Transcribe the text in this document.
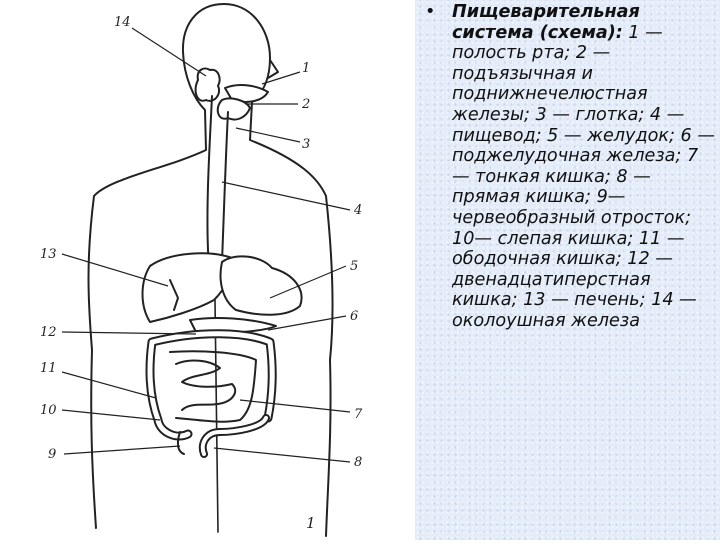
14
1
2
3
4
13
5
12
6
11
10	7
9
8
1

• Пищеварительная система (схема): 1 — полость рта; 2 — подъязычная и поднижнечелюстная железы; 3 — глотка; 4 — пищевод; 5 — желудок; 6 — поджелудочная железа; 7 — тонкая кишка; 8 — прямая кишка; 9— червеобразный отросток; 10— слепая кишка; 11 — ободочная кишка; 12 — двенадцатиперстная кишка; 13 — печень; 14 — околоушная железа
